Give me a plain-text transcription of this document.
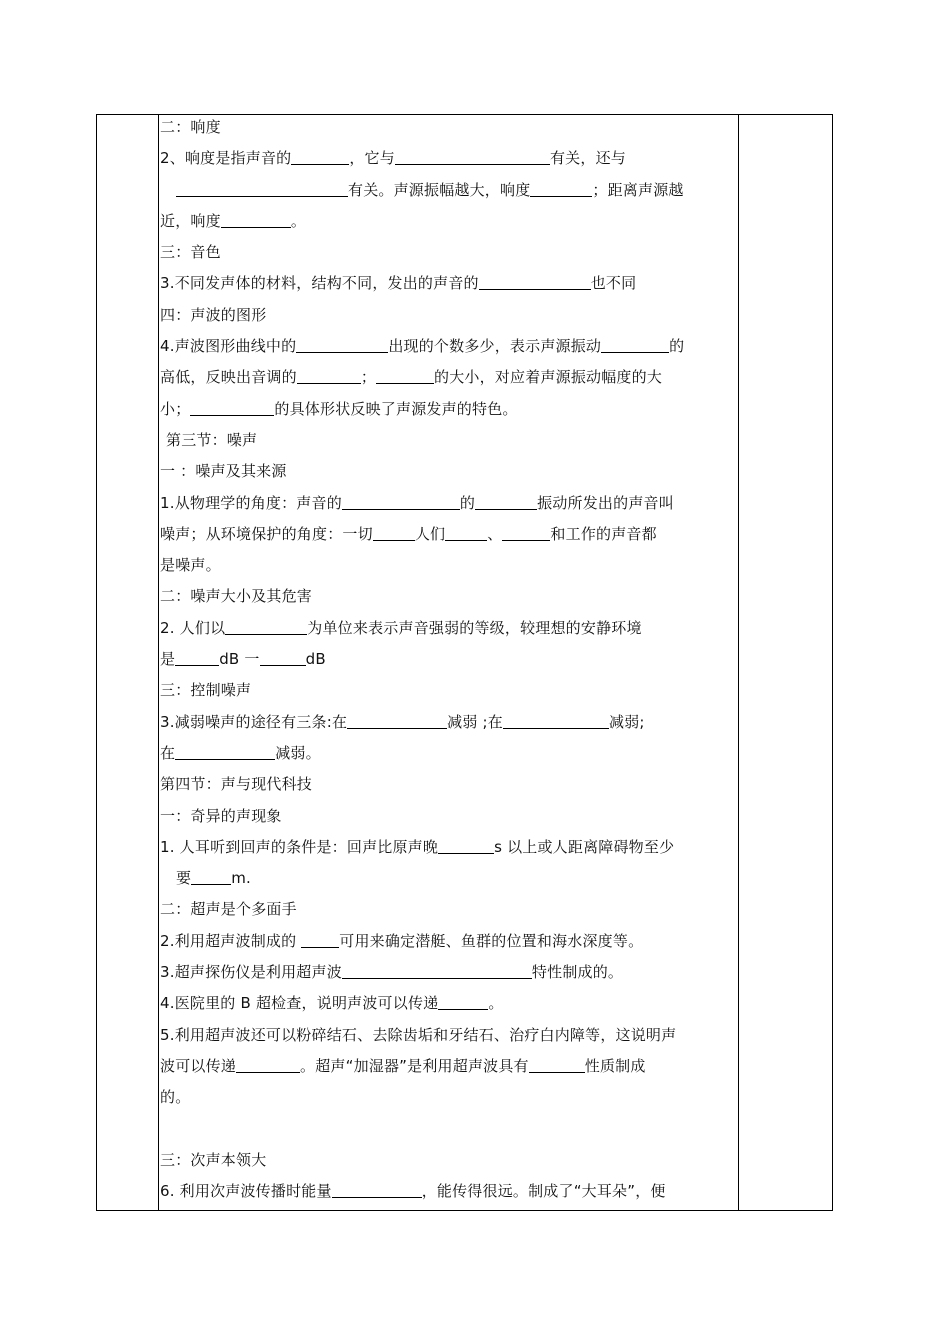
二：响度
2、响度是指声音的	，它与	有关，还与
有关。声源振幅越大，响度	；距离声源越
近，响度	。
三：音色
3.不同发声体的材料，结构不同，发出的声音的	也不同
四：声波的图形
4.声波图形曲线中的	出现的个数多少，表示声源振动	的
高低，反映出音调的	；	的大小，对应着声源振动幅度的大
小；	的具体形状反映了声源发声的特色。
第三节：噪声
一 ：噪声及其来源
1.从物理学的角度：声音的	的	振动所发出的声音叫
噪声；从环境保护的角度：一切	人们	、	和工作的声音都
是噪声。
二：噪声大小及其危害
2. 人们以	为单位来表示声音强弱的等级，较理想的安静环境
是	dB 一	dB
三：控制噪声
3.减弱噪声的途径有三条:在	减弱 ;在	减弱;
在	减弱。
第四节：声与现代科技
一：奇异的声现象
1. 人耳听到回声的条件是：回声比原声晚	s 以上或人距离障碍物至少
要	m.
二：超声是个多面手
2.利用超声波制成的	可用来确定潜艇、鱼群的位置和海水深度等。
3.超声探伤仪是利用超声波	特性制成的。
4.医院里的 B 超检查，说明声波可以传递	。
5.利用超声波还可以粉碎结石、去除齿垢和牙结石、治疗白内障等，这说明声
波可以传递	。超声“加湿器”是利用超声波具有	性质制成
的。
三：次声本领大
6. 利用次声波传播时能量	，能传得很远。制成了“大耳朵”，便
